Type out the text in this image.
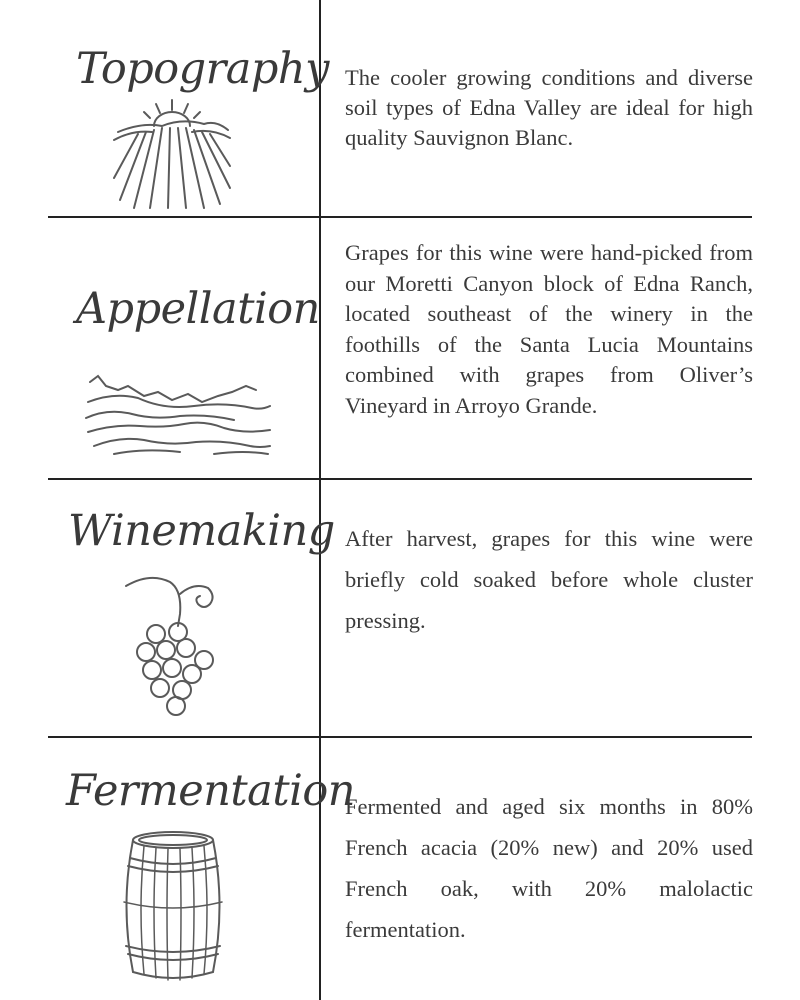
Topography The cooler growing conditions and diverse soil types of Edna Valley are ideal for high quality Sauvignon Blanc.
Appellation
Grapes for this wine were hand-picked from our Moretti Canyon block of Edna Ranch, located southeast of the winery in the foothills of the Santa Lucia Mountains combined with grapes from Oliver’s Vineyard in Arroyo Grande.
Winemaking After harvest, grapes for this wine were briefly cold soaked before whole cluster pressing.
Fermentation
Fermented and aged six months in 80% French acacia (20% new) and 20% used French oak, with 20% malolactic fermentation.
